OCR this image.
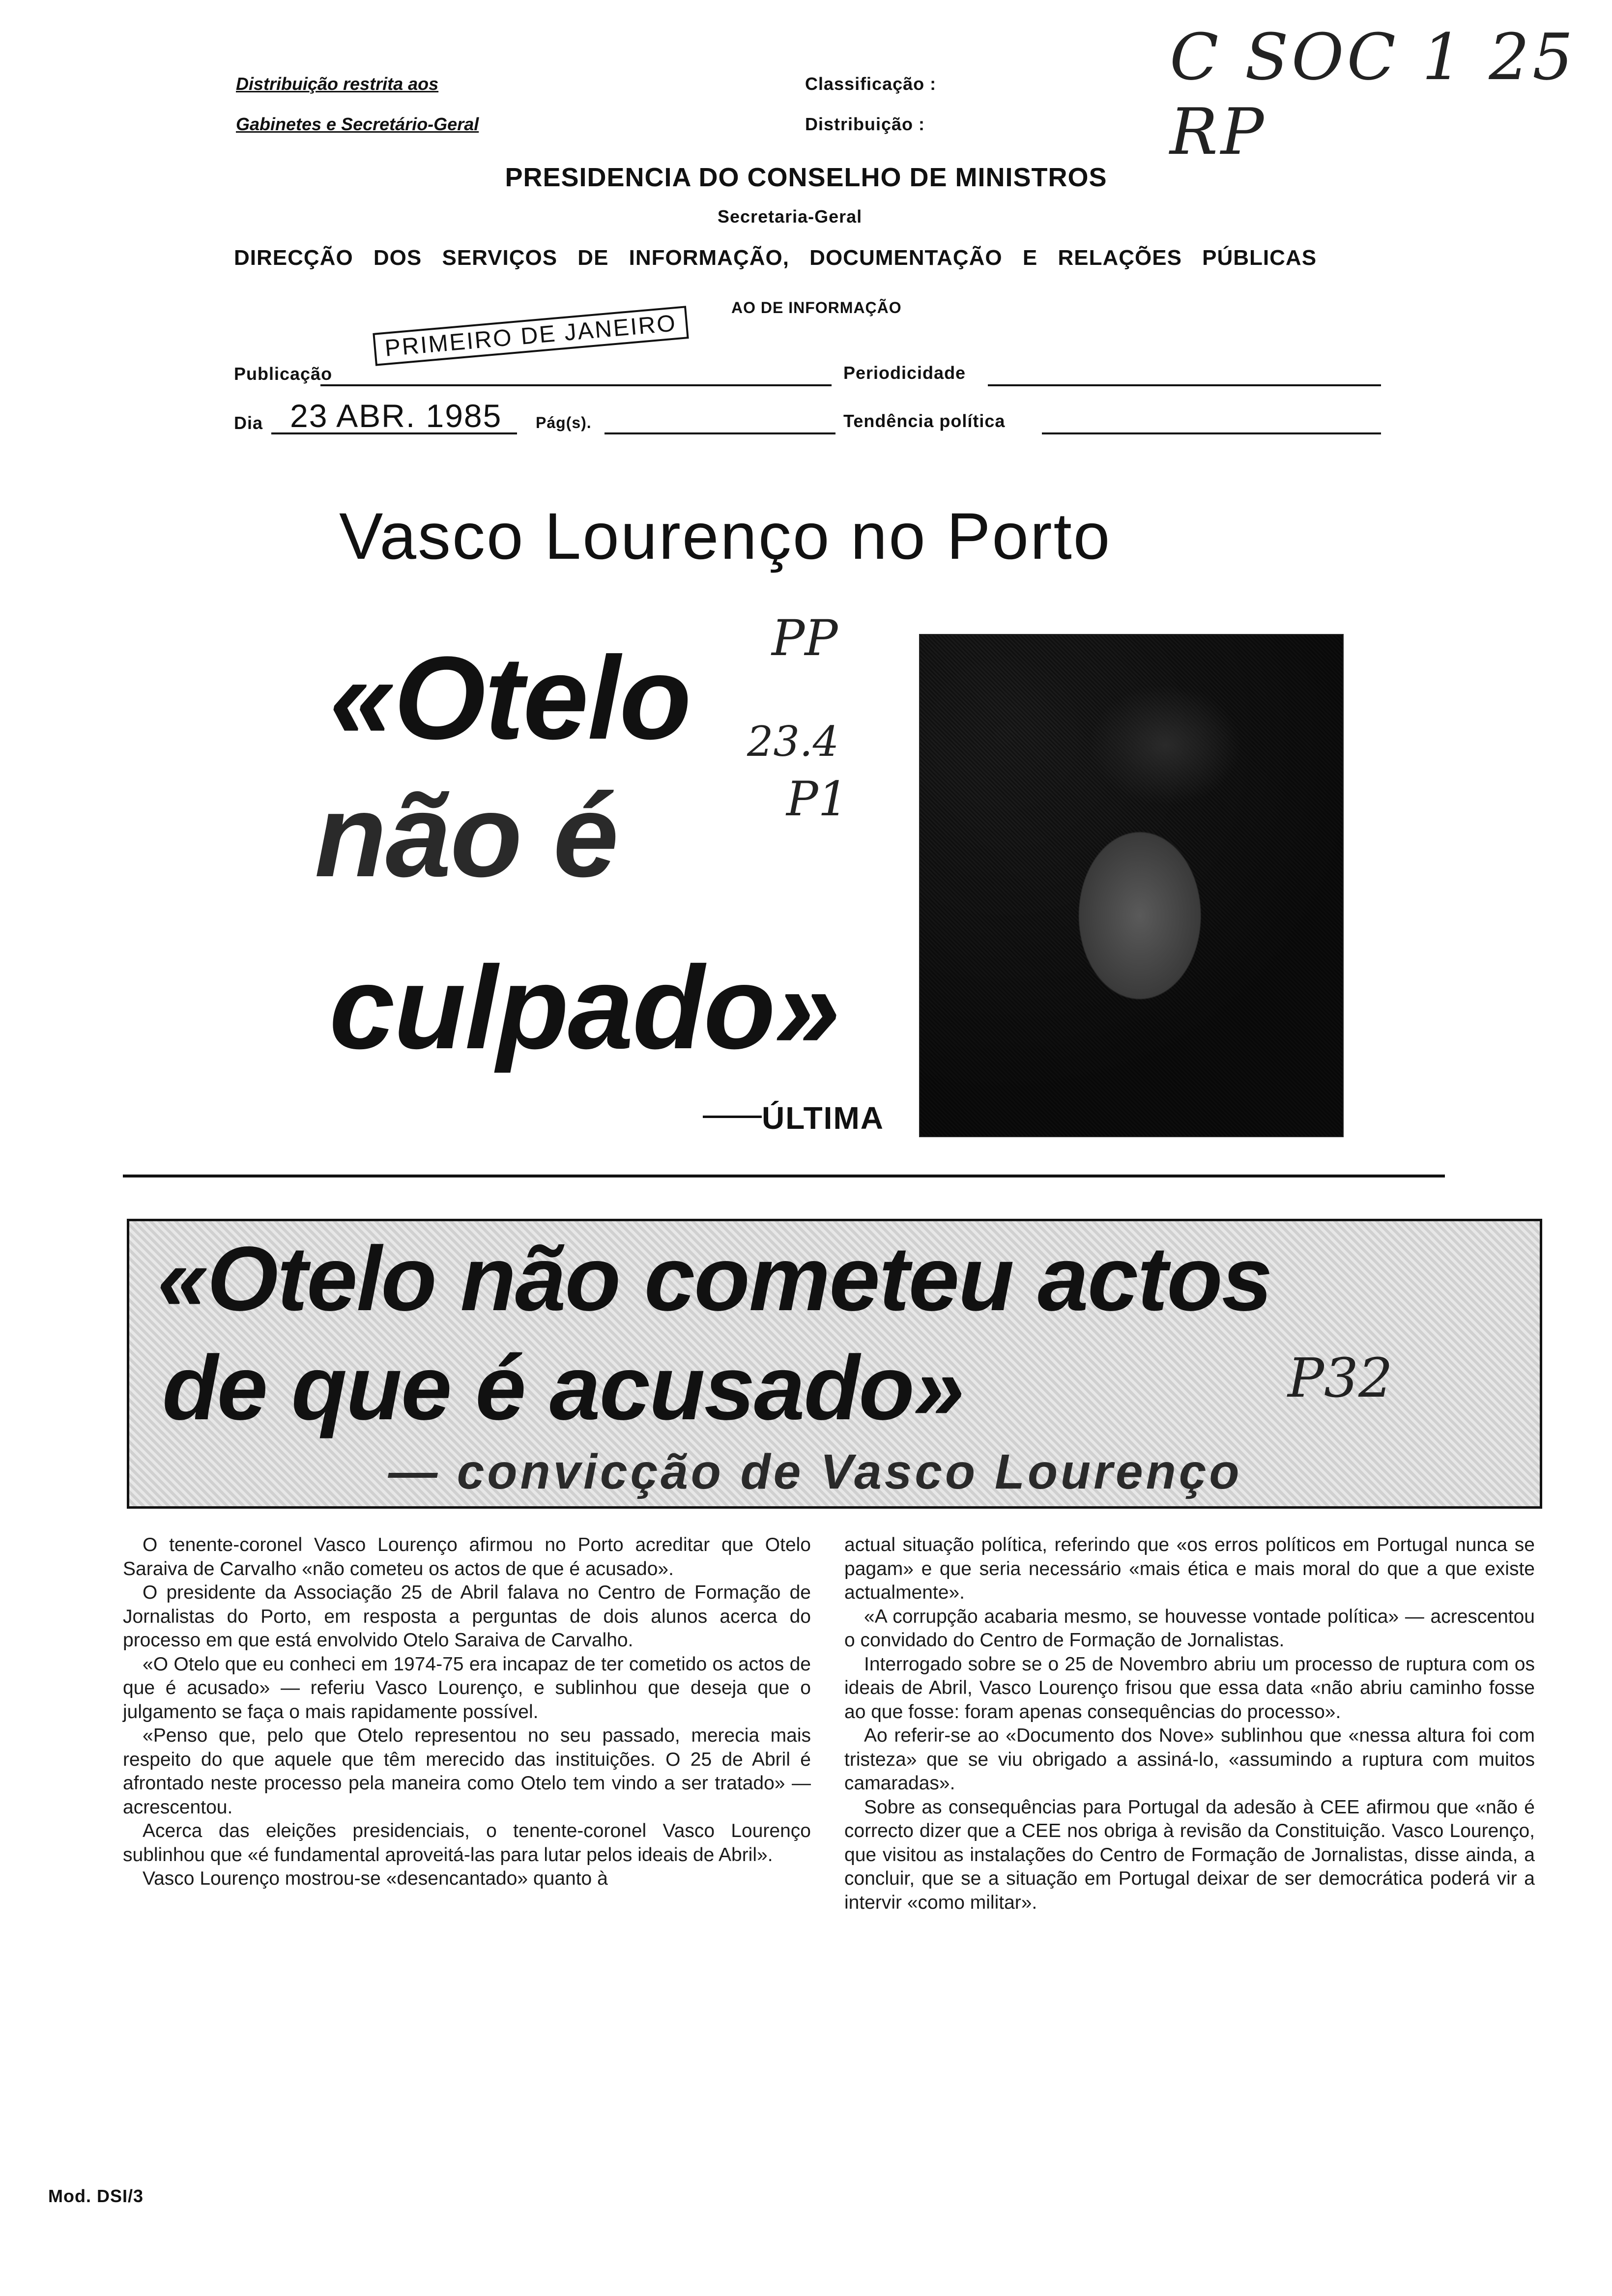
Distribuição restrita aos
Gabinetes e Secretário-Geral
Classificação :
Distribuição :
C SOC 1 25 RP
PRESIDENCIA DO CONSELHO DE MINISTROS
Secretaria-Geral
DIRECÇÃO DOS SERVIÇOS DE INFORMAÇÃO, DOCUMENTAÇÃO E RELAÇÕES PÚBLICAS
AO DE INFORMAÇÃO
Publicação
PRIMEIRO DE JANEIRO
Periodicidade
Dia 23 ABR. 1985 Pág(s).	Tendência política
Vasco Lourenço no Porto
«Otelo
não é
culpado»
ÚLTIMA
PP
23.4
P1
«Otelo não cometeu actos
de que é acusado»	P32
— convicção de Vasco Lourenço

O tenente-coronel Vasco Lourenço afirmou no Porto acreditar que Otelo Saraiva de Carvalho «não cometeu os actos de que é acusado».

O presidente da Associação 25 de Abril falava no Centro de Formação de Jornalistas do Porto, em resposta a perguntas de dois alunos acerca do processo em que está envolvido Otelo Saraiva de Carvalho.

«O Otelo que eu conheci em 1974-75 era incapaz de ter cometido os actos de que é acusado» — referiu Vasco Lourenço, e sublinhou que deseja que o julgamento se faça o mais rapidamente possível.

«Penso que, pelo que Otelo representou no seu passado, merecia mais respeito do que aquele que têm merecido das instituições. O 25 de Abril é afrontado neste processo pela maneira como Otelo tem vindo a ser tratado» — acrescentou.

Acerca das eleições presidenciais, o tenente-coronel Vasco Lourenço sublinhou que «é fundamental aproveitá-las para lutar pelos ideais de Abril».

Vasco Lourenço mostrou-se «desencantado» quanto à

actual situação política, referindo que «os erros políticos em Portugal nunca se pagam» e que seria necessário «mais ética e mais moral do que a que existe actualmente».

«A corrupção acabaria mesmo, se houvesse vontade política» — acrescentou o convidado do Centro de Formação de Jornalistas.

Interrogado sobre se o 25 de Novembro abriu um processo de ruptura com os ideais de Abril, Vasco Lourenço frisou que essa data «não abriu caminho fosse ao que fosse: foram apenas consequências do processo».

Ao referir-se ao «Documento dos Nove» sublinhou que «nessa altura foi com tristeza» que se viu obrigado a assiná-lo, «assumindo a ruptura com muitos camaradas».

Sobre as consequências para Portugal da adesão à CEE afirmou que «não é correcto dizer que a CEE nos obriga à revisão da Constituição. Vasco Lourenço, que visitou as instalações do Centro de Formação de Jornalistas, disse ainda, a concluir, que se a situação em Portugal deixar de ser democrática poderá vir a intervir «como militar».

Mod. DSI/3
